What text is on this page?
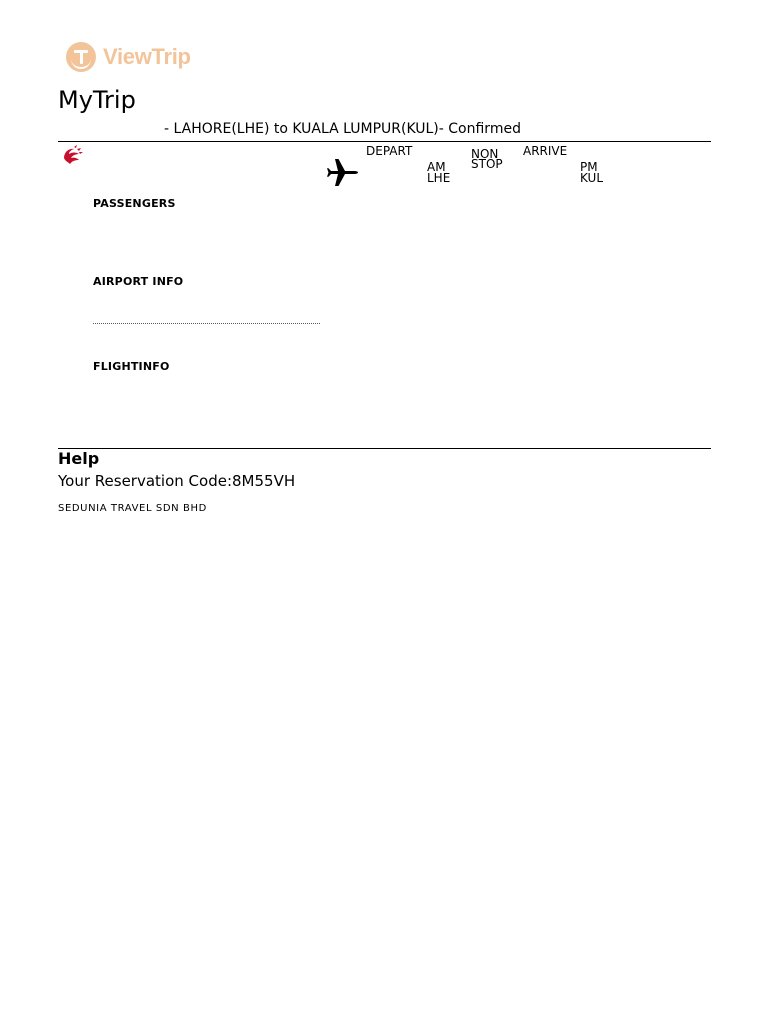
ViewTrip
MyTrip
- LAHORE(LHE) to KUALA LUMPUR(KUL)- Confirmed
DEPART
AM
LHE
NON
STOP
ARRIVE
PM
KUL
PASSENGERS
AIRPORT INFO
FLIGHTINFO
Help
Your Reservation Code:8M55VH
SEDUNIA TRAVEL SDN BHD
